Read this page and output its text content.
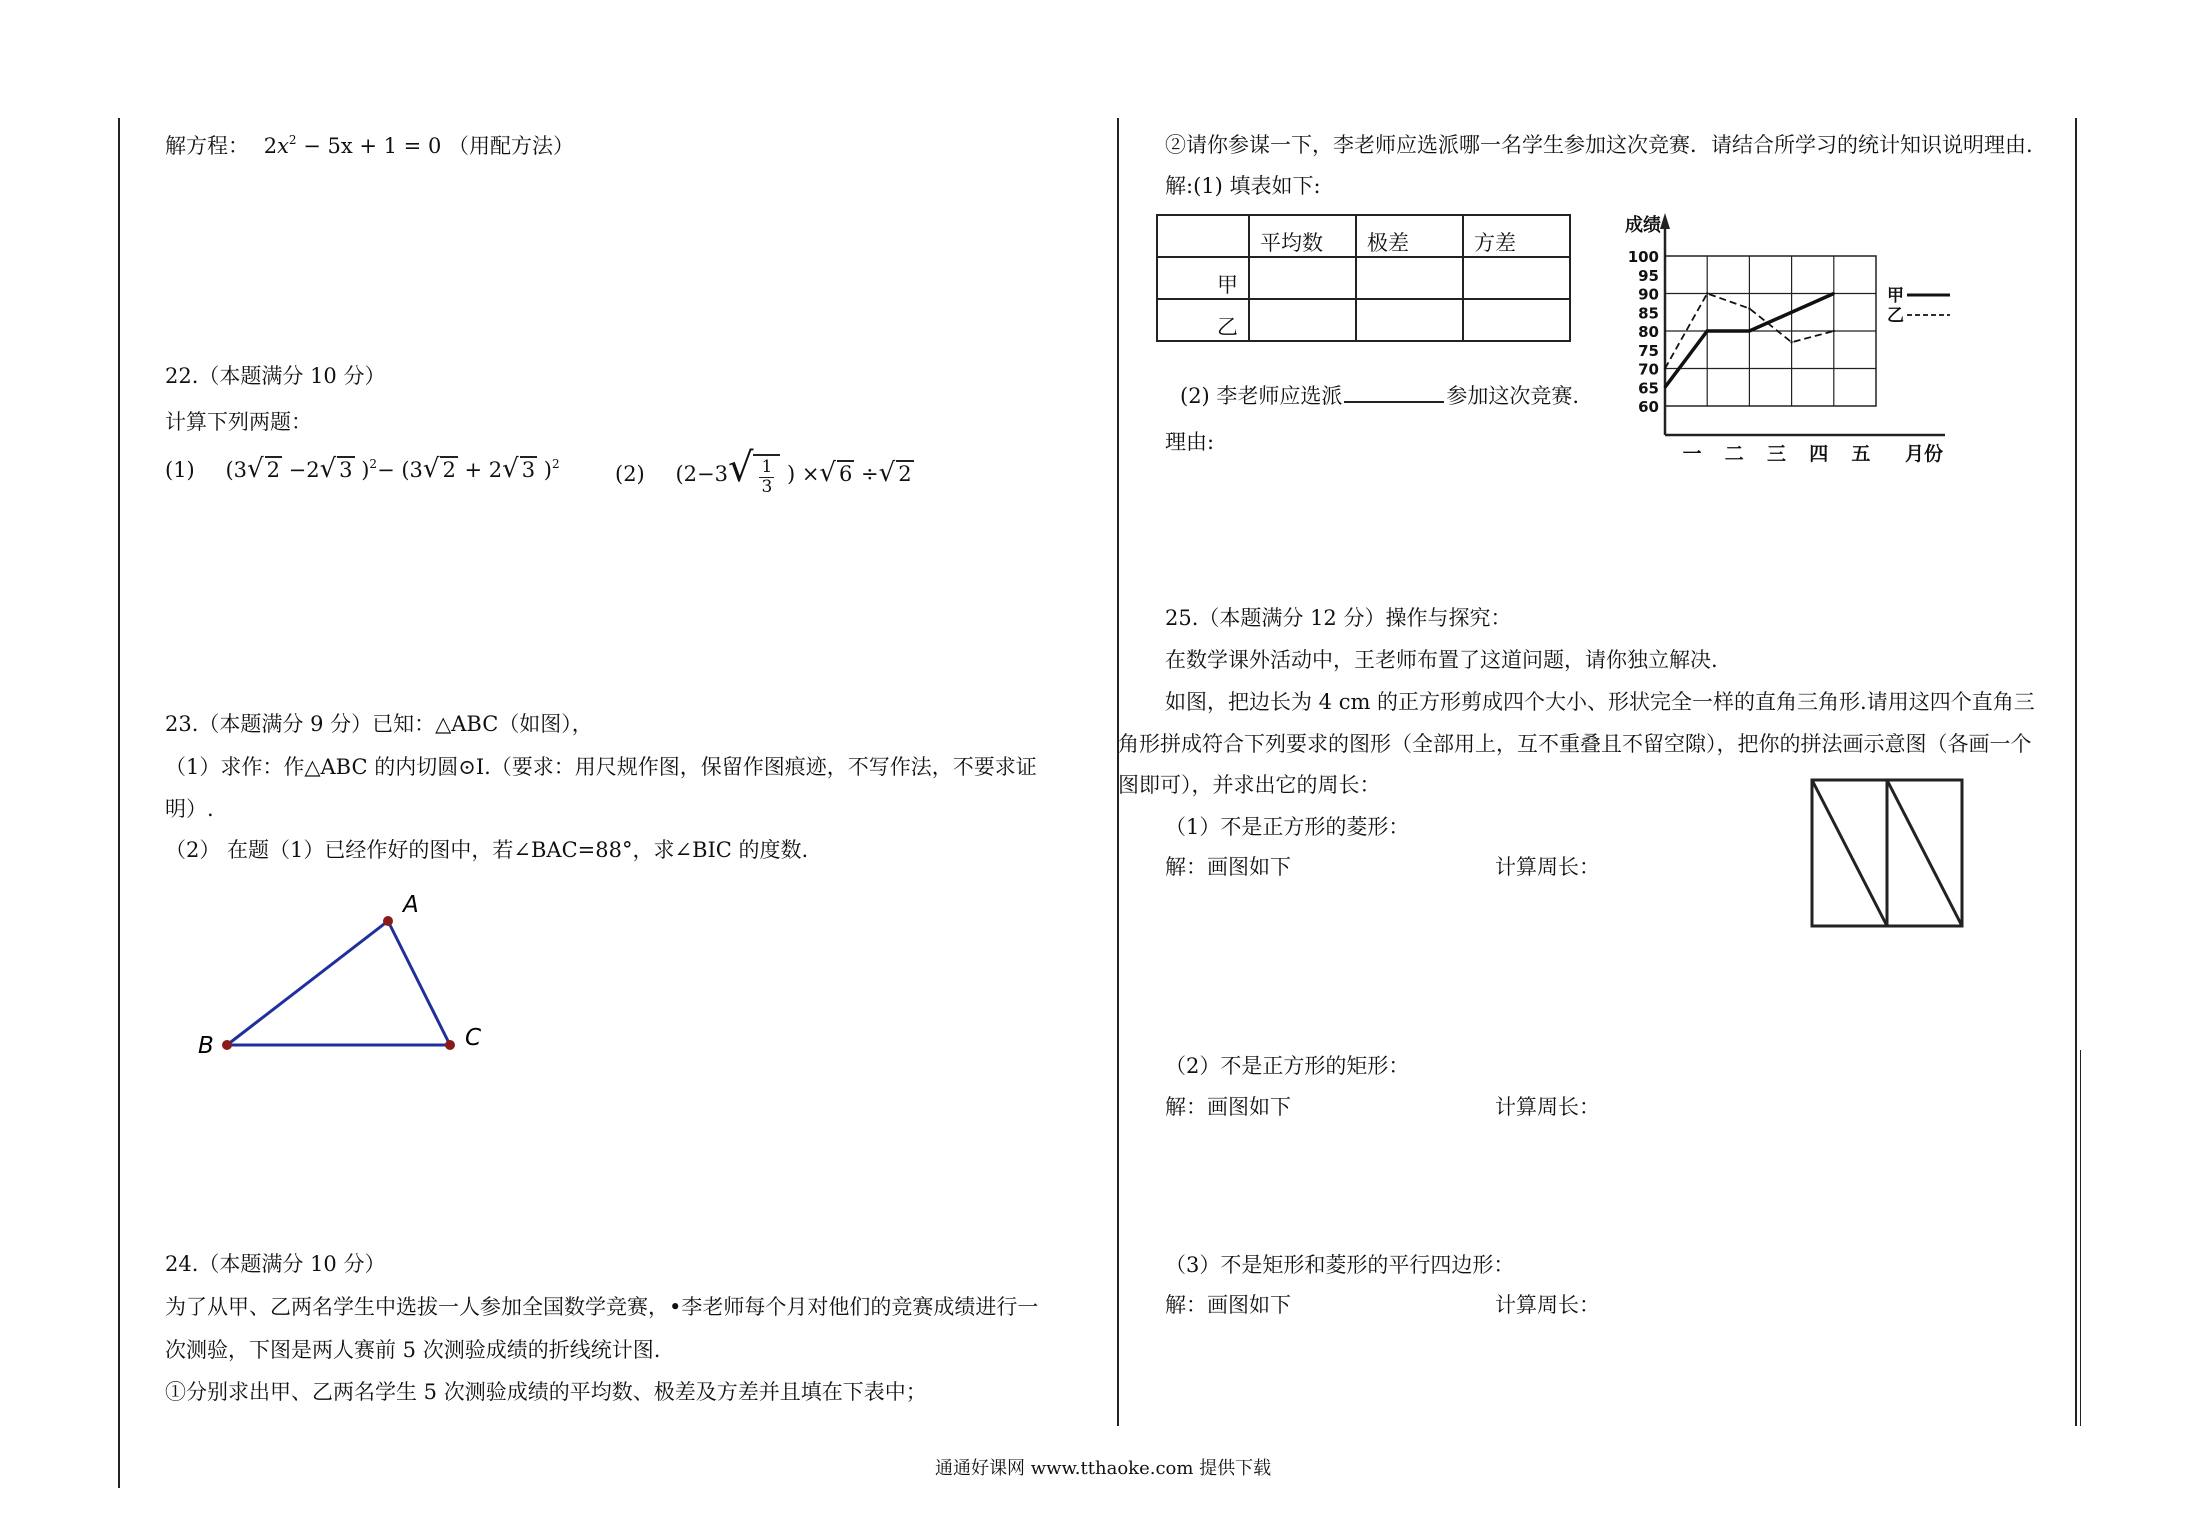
解方程： $2x^2 - 5x + 1 = 0$ （用配方法）
22.（本题满分 10 分）
计算下列两题：
(1) (3√ 2 −2√ 3 )$^2$− (3√ 2 + 2√ 3 )$^2$	(2) ($2-3√ \frac{1}{3}$ ) ×√ 6 ÷√ 2
23.（本题满分 9 分）已知：△ABC（如图），
（1）求作：作△ABC 的内切圆⊙I.（要求：用尺规作图，保留作图痕迹，不写作法，不要求证
明）.
（2） 在题（1）已经作好的图中，若∠BAC=88°，求∠BIC 的度数.
A
B	C
24.（本题满分 10 分）
为了从甲、乙两名学生中选拔一人参加全国数学竞赛，•李老师每个月对他们的竞赛成绩进行一
次测验，下图是两人赛前 5 次测验成绩的折线统计图.
①分别求出甲、乙两名学生 5 次测验成绩的平均数、极差及方差并且填在下表中；
②请你参谋一下，李老师应选派哪一名学生参加这次竞赛．请结合所学习的统计知识说明理由.
解:(1) 填表如下:
	平均数	极差	方差
甲			
乙			
(2) 李老师应选派	参加这次竞赛.
理由:
60
65
70
75
80
85
90
95
100
成绩
一 二 三 四 五 月份
甲
乙
25.（本题满分 12 分）操作与探究：
在数学课外活动中，王老师布置了这道问题，请你独立解决.
如图，把边长为 4 cm 的正方形剪成四个大小、形状完全一样的直角三角形.请用这四个直角三
角形拼成符合下列要求的图形（全部用上，互不重叠且不留空隙），把你的拼法画示意图（各画一个
图即可），并求出它的周长：
（1）不是正方形的菱形：
解：画图如下	计算周长：
（2）不是正方形的矩形：
解：画图如下	计算周长：
（3）不是矩形和菱形的平行四边形：
解：画图如下	计算周长：
通通好课网 www.tthaoke.com 提供下载
